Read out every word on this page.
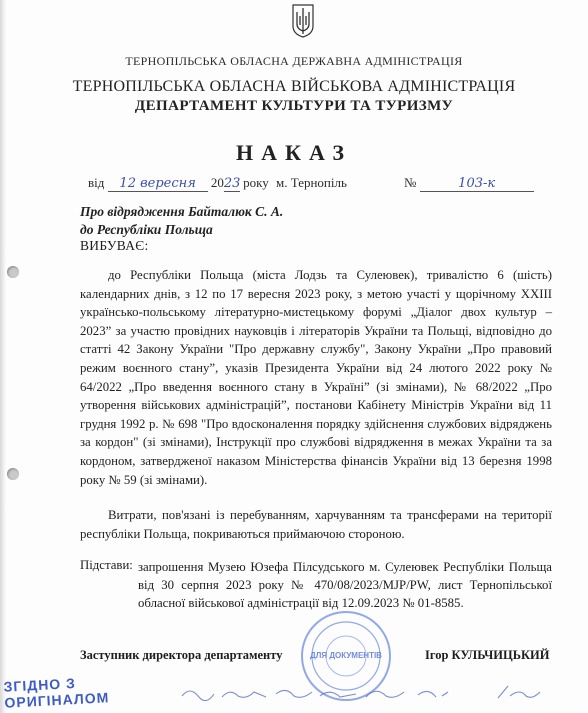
ТЕРНОПІЛЬСЬКА ОБЛАСНА ДЕРЖАВНА АДМІНІСТРАЦІЯ
ТЕРНОПІЛЬСЬКА ОБЛАСНА ВІЙСЬКОВА АДМІНІСТРАЦІЯ
ДЕПАРТАМЕНТ КУЛЬТУРИ ТА ТУРИЗМУ
НАКАЗ
від 12 вересня 2023 року м. Тернопіль	№	103-к
Про відрядження Байталюк С. А.
до Республіки Польща
ВИБУВАЄ:
до Республіки Польща (міста Лодзь та Сулеювек), тривалістю 6 (шість) календарних днів, з 12 по 17 вересня 2023 року, з метою участі у щорічному XXIII українсько-польському літературно-мистецькому форумі „Діалог двох культур – 2023” за участю провідних науковців і літераторів України та Польщі, відповідно до статті 42 Закону України "Про державну службу", Закону України „Про правовий режим воєнного стану”, указів Президента України від 24 лютого 2022 року № 64/2022 „Про введення воєнного стану в Україні” (зі змінами), № 68/2022 „Про утворення військових адміністрацій”, постанови Кабінету Міністрів України від 11 грудня 1992 р. № 698 "Про вдосконалення порядку здійснення службових відряджень за кордон" (зі змінами), Інструкції про службові відрядження в межах України та за кордоном, затвердженої наказом Міністерства фінансів України від 13 березня 1998 року № 59 (зі змінами).
Витрати, пов'язані із перебуванням, харчуванням та трансферами на території республіки Польща, покриваються приймаючою стороною.
Підстави: запрошення Музею Юзефа Пілсудського м. Сулеювек Республіки Польща від 30 серпня 2023 року № 470/08/2023/MJP/PW, лист Тернопільської обласної військової адміністрації від 12.09.2023 № 01-8585.
ДЛЯ ДОКУМЕНТІВ
Заступник директора департаменту	Ігор КУЛЬЧИЦЬКИЙ
ЗГІДНО З
ОРИГІНАЛОМ
